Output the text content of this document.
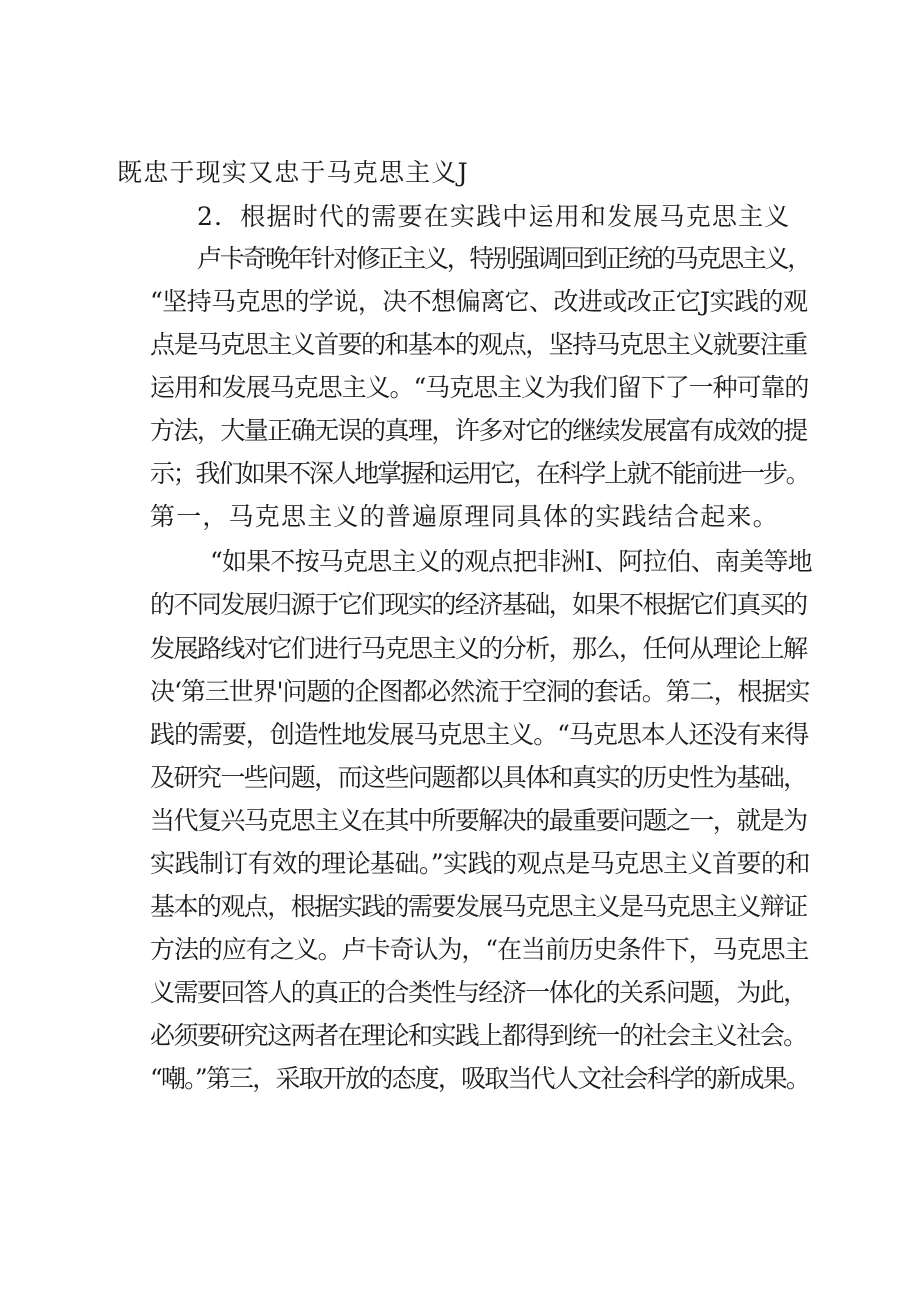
既忠于现实又忠于马克思主义J
2．根据时代的需要在实践中运用和发展马克思主义
卢卡奇晚年针对修正主义，特别强调回到正统的马克思主义，
“坚持马克思的学说，决不想偏离它、改进或改正它J实践的观
点是马克思主义首要的和基本的观点，坚持马克思主义就要注重
运用和发展马克思主义。“马克思主义为我们留下了一种可靠的
方法，大量正确无误的真理，许多对它的继续发展富有成效的提
示；我们如果不深人地掌握和运用它，在科学上就不能前进一步。
第一，马克思主义的普遍原理同具体的实践结合起来。
“如果不按马克思主义的观点把非洲I、阿拉伯、南美等地
的不同发展归源于它们现实的经济基础，如果不根据它们真买的
发展路线对它们进行马克思主义的分析，那么，任何从理论上解
决‘第三世界'问题的企图都必然流于空洞的套话。第二，根据实
践的需要，创造性地发展马克思主义。“马克思本人还没有来得
及研究一些问题，而这些问题都以具体和真实的历史性为基础，
当代复兴马克思主义在其中所要解决的最重要问题之一，就是为
实践制订有效的理论基础。”实践的观点是马克思主义首要的和
基本的观点，根据实践的需要发展马克思主义是马克思主义辩证
方法的应有之义。卢卡奇认为，“在当前历史条件下，马克思主
义需要回答人的真正的合类性与经济一体化的关系问题，为此，
必须要研究这两者在理论和实践上都得到统一的社会主义社会。
“嘲。”第三，采取开放的态度，吸取当代人文社会科学的新成果。
